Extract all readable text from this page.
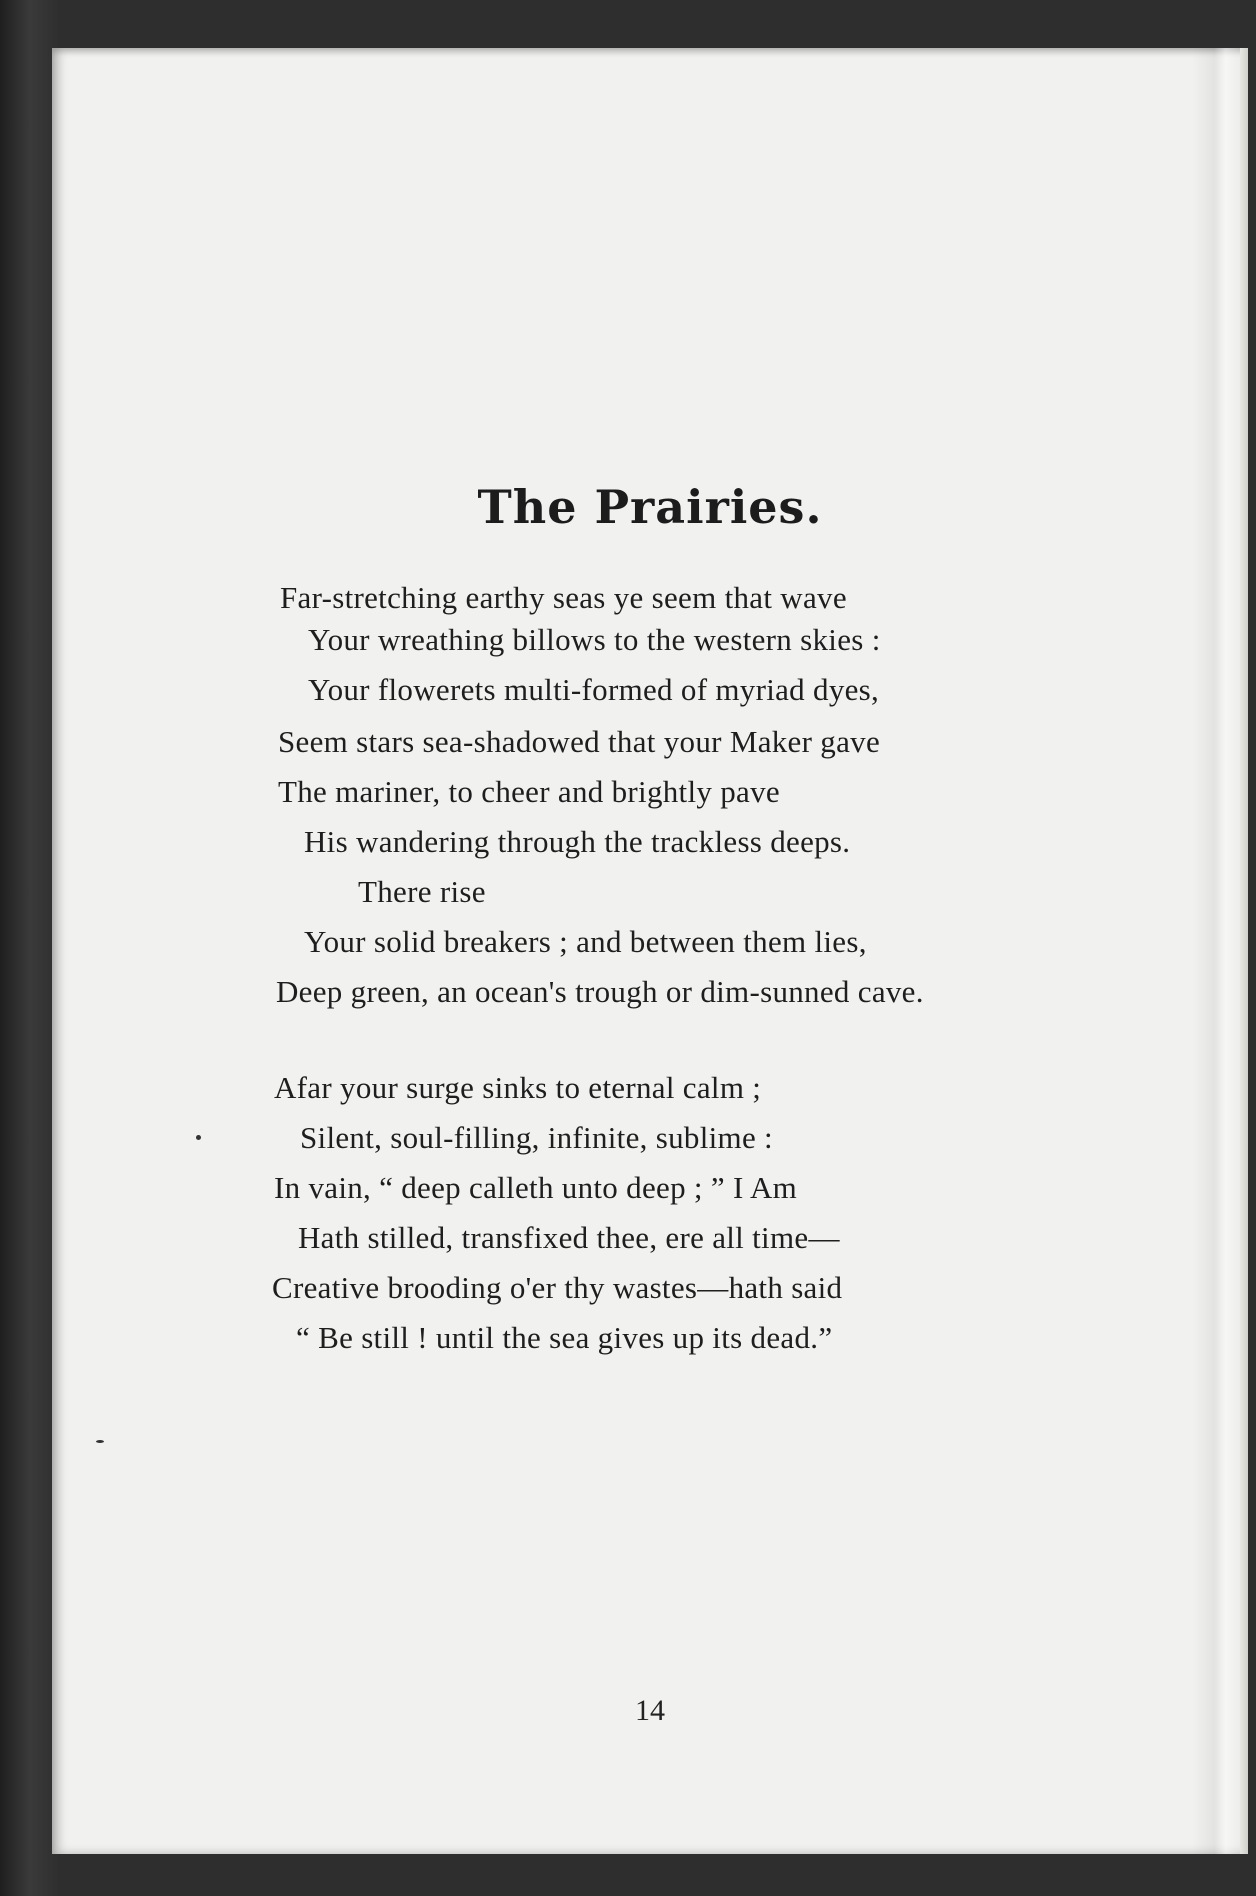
The Prairies.
Far-stretching earthy seas ye seem that wave
Your wreathing billows to the western skies :
Your flowerets multi-formed of myriad dyes,
Seem stars sea-shadowed that your Maker gave
The mariner, to cheer and brightly pave
His wandering through the trackless deeps.
There rise
Your solid breakers ; and between them lies,
Deep green, an ocean's trough or dim-sunned cave.
Afar your surge sinks to eternal calm ;
Silent, soul-filling, infinite, sublime :
In vain, “ deep calleth unto deep ; ” I Am
Hath stilled, transfixed thee, ere all time—
Creative brooding o'er thy wastes—hath said
“ Be still ! until the sea gives up its dead.”
14
